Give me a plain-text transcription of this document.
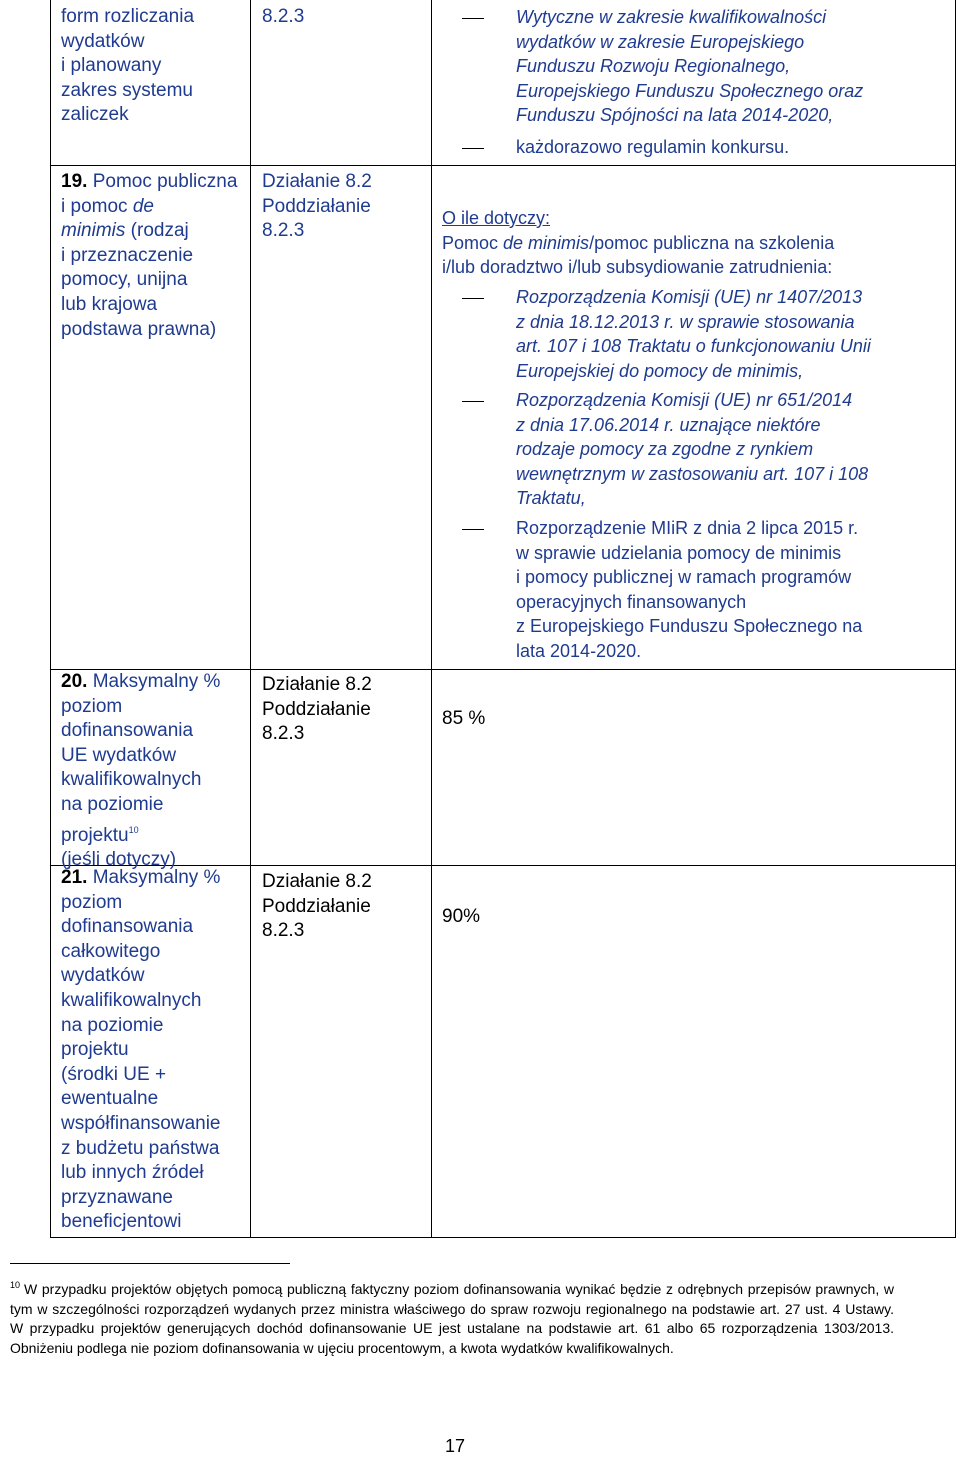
form rozliczania
wydatków
i planowany
zakres systemu
zaliczek
8.2.3	Wytyczne w zakresie kwalifikowalności
wydatków w zakresie Europejskiego
Funduszu Rozwoju Regionalnego,
Europejskiego Funduszu Społecznego oraz
Funduszu Spójności na lata 2014-2020,
każdorazowo regulamin konkursu.
19. Pomoc publiczna
i pomoc de
minimis (rodzaj
i przeznaczenie
pomocy, unijna
lub krajowa
podstawa prawna)
Działanie 8.2
Poddziałanie
8.2.3
O ile dotyczy:
Pomoc de minimis/pomoc publiczna na szkolenia
i/lub doradztwo i/lub subsydiowanie zatrudnienia:
Rozporządzenia Komisji (UE) nr 1407/2013
z dnia 18.12.2013 r. w sprawie stosowania
art. 107 i 108 Traktatu o funkcjonowaniu Unii
Europejskiej do pomocy de minimis,
Rozporządzenia Komisji (UE) nr 651/2014
z dnia 17.06.2014 r. uznające niektóre
rodzaje pomocy za zgodne z rynkiem
wewnętrznym w zastosowaniu art. 107 i 108
Traktatu,
Rozporządzenie MIiR z dnia 2 lipca 2015 r.
w sprawie udzielania pomocy de minimis
i pomocy publicznej w ramach programów
operacyjnych finansowanych
z Europejskiego Funduszu Społecznego na
lata 2014-2020.
20. Maksymalny %
poziom
dofinansowania
UE wydatków
kwalifikowalnych
na poziomie
projektu$^{10}$
(jeśli dotyczy)
Działanie 8.2
Poddziałanie
8.2.3
85 %
21. Maksymalny %
poziom
dofinansowania
całkowitego
wydatków
kwalifikowalnych
na poziomie
projektu
(środki UE +
ewentualne
współfinansowanie
z budżetu państwa
lub innych źródeł
przyznawane
beneficjentowi
Działanie 8.2
Poddziałanie
8.2.3
90%
$^{10}$ W przypadku projektów objętych pomocą publiczną faktyczny poziom dofinansowania wynikać będzie z odrębnych przepisów prawnych, w tym w szczególności rozporządzeń wydanych przez ministra właściwego do spraw rozwoju regionalnego na podstawie art. 27 ust. 4 Ustawy. W przypadku projektów generujących dochód dofinansowanie UE jest ustalane na podstawie art. 61 albo 65 rozporządzenia 1303/2013. Obniżeniu podlega nie poziom dofinansowania w ujęciu procentowym, a kwota wydatków kwalifikowalnych.
17
